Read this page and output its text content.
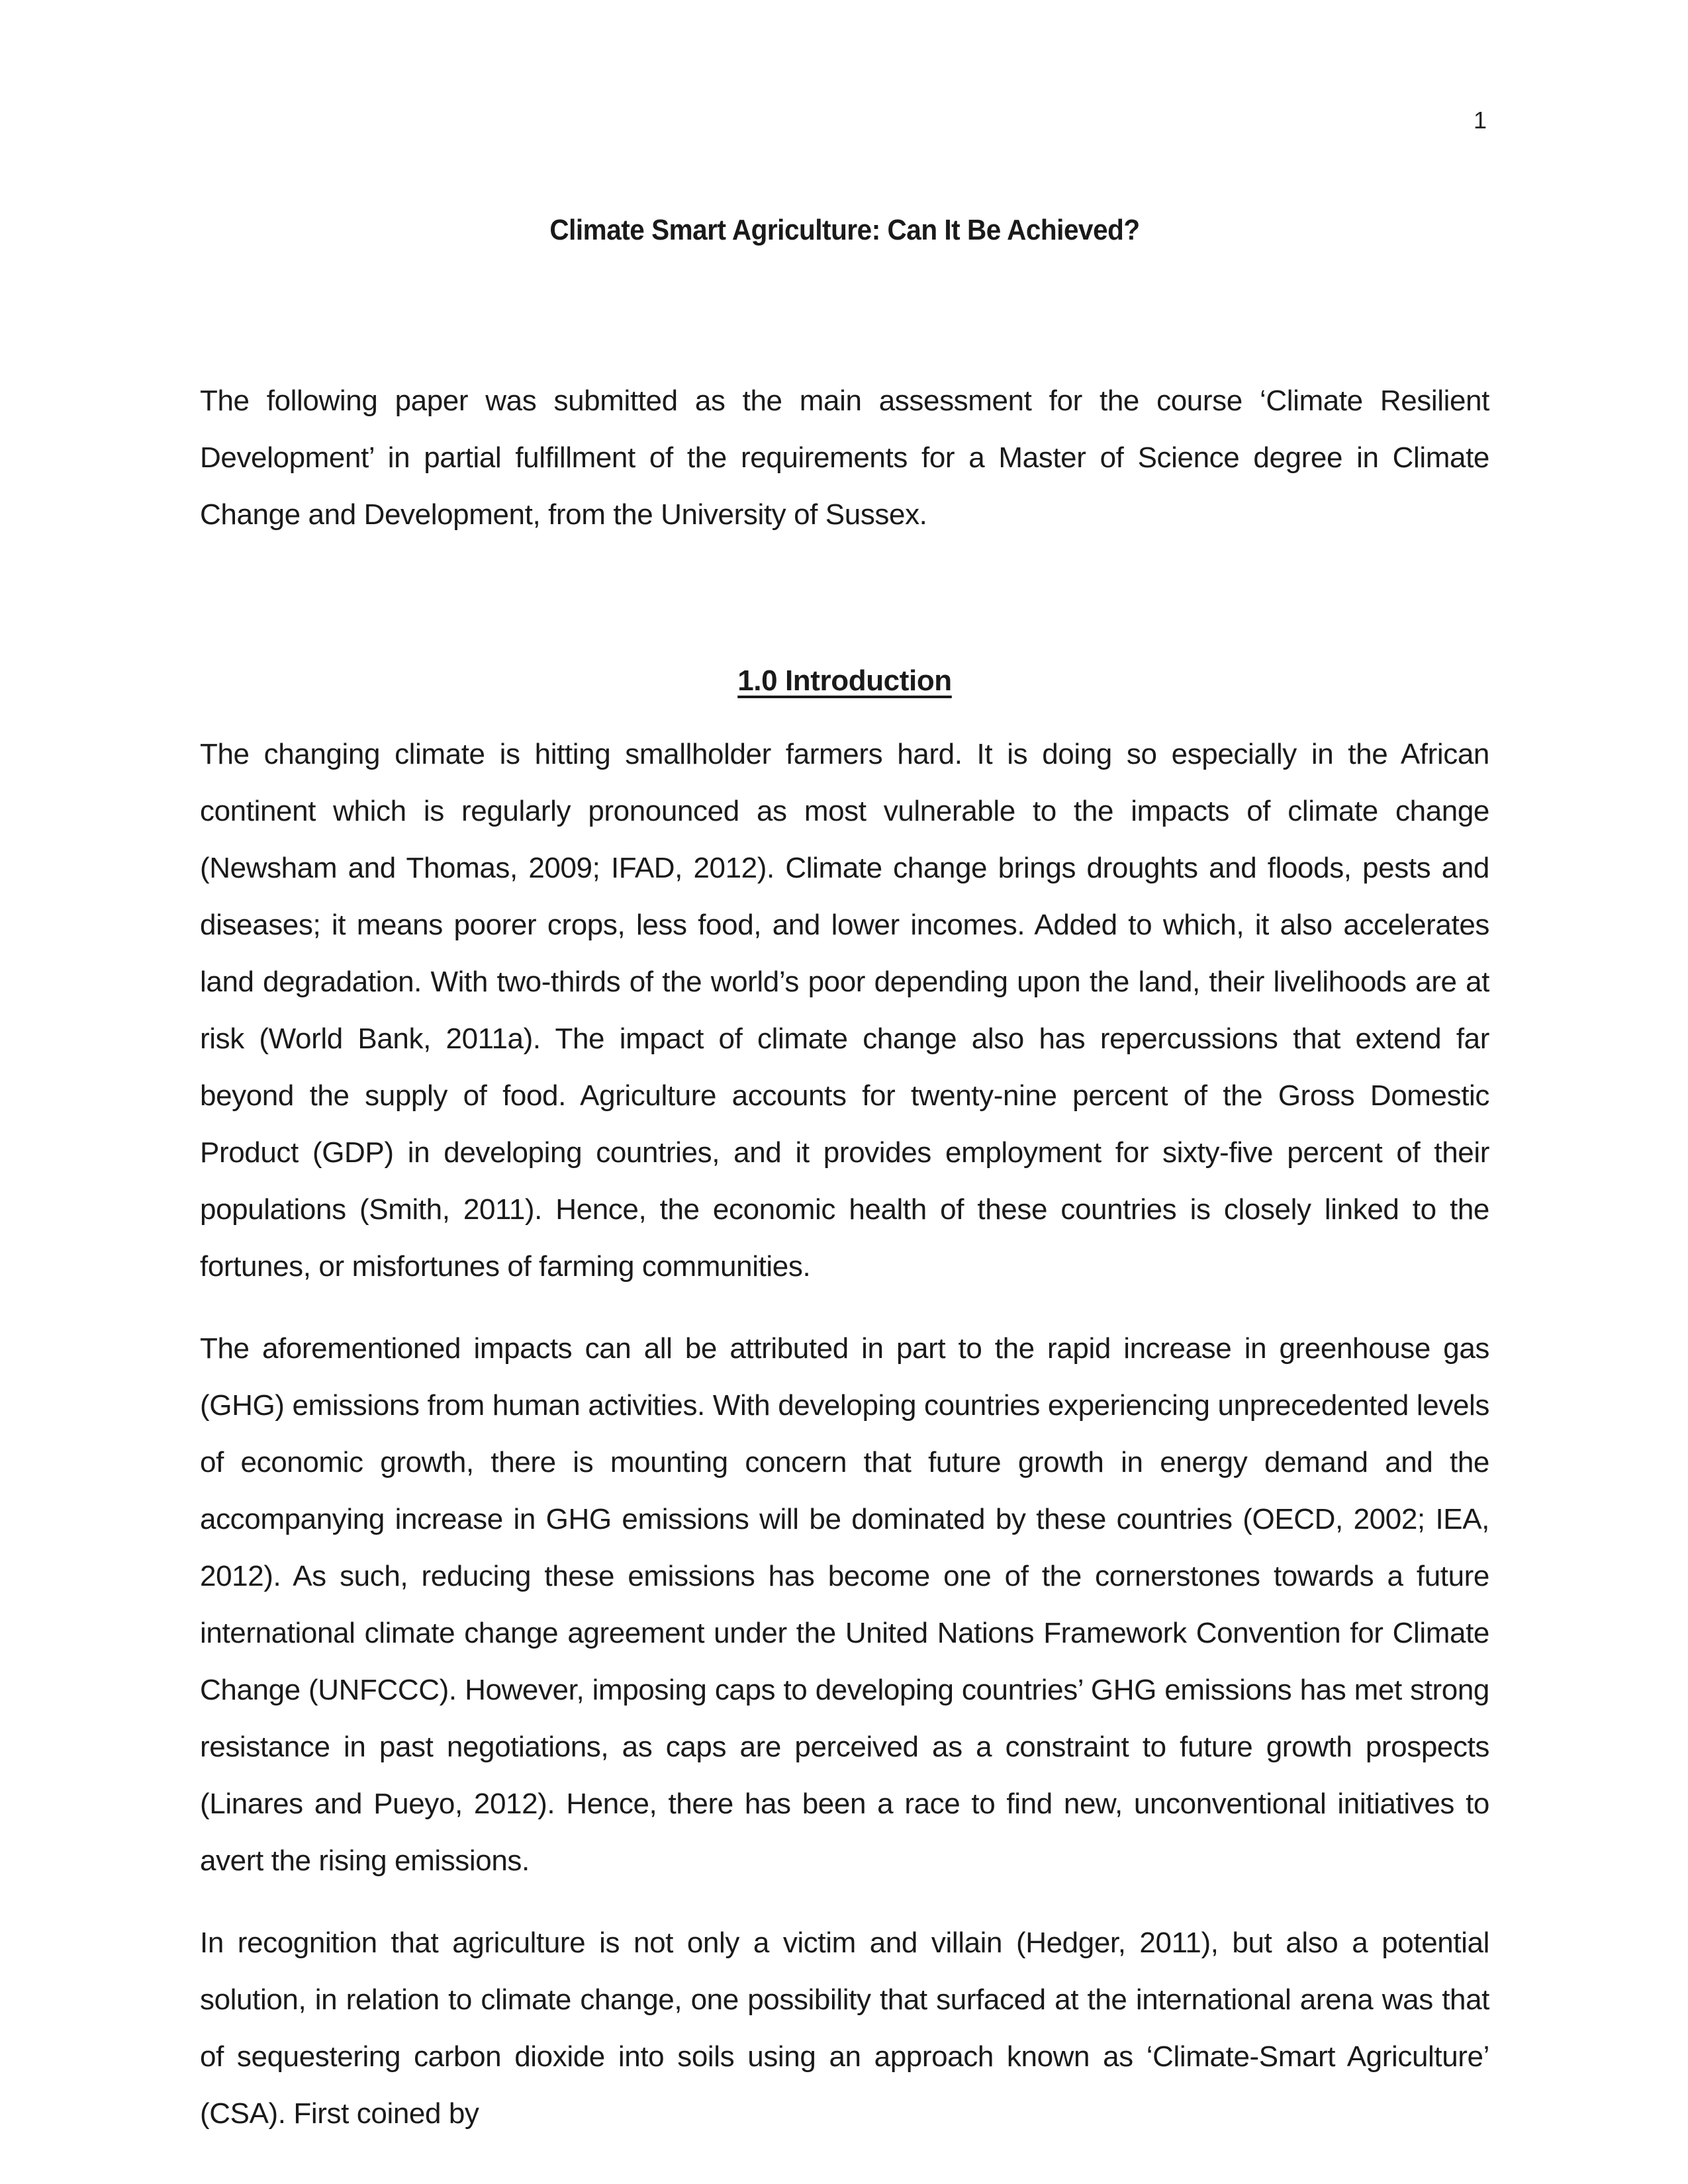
1
Climate Smart Agriculture: Can It Be Achieved?

The following paper was submitted as the main assessment for the course ‘Climate Resilient Development’ in partial fulfillment of the requirements for a Master of Science degree in Climate Change and Development, from the University of Sussex.

1.0 Introduction

The changing climate is hitting smallholder farmers hard. It is doing so especially in the African continent which is regularly pronounced as most vulnerable to the impacts of climate change (Newsham and Thomas, 2009; IFAD, 2012). Climate change brings droughts and floods, pests and diseases; it means poorer crops, less food, and lower incomes. Added to which, it also accelerates land degradation. With two-thirds of the world’s poor depending upon the land, their livelihoods are at risk (World Bank, 2011a). The impact of climate change also has repercussions that extend far beyond the supply of food. Agriculture accounts for twenty-nine percent of the Gross Domestic Product (GDP) in developing countries, and it provides employment for sixty-five percent of their populations (Smith, 2011). Hence, the economic health of these countries is closely linked to the fortunes, or misfortunes of farming communities.

The aforementioned impacts can all be attributed in part to the rapid increase in greenhouse gas (GHG) emissions from human activities. With developing countries experiencing unprecedented levels of economic growth, there is mounting concern that future growth in energy demand and the accompanying increase in GHG emissions will be dominated by these countries (OECD, 2002; IEA, 2012). As such, reducing these emissions has become one of the cornerstones towards a future international climate change agreement under the United Nations Framework Convention for Climate Change (UNFCCC). However, imposing caps to developing countries’ GHG emissions has met strong resistance in past negotiations, as caps are perceived as a constraint to future growth prospects (Linares and Pueyo, 2012). Hence, there has been a race to find new, unconventional initiatives to avert the rising emissions.

In recognition that agriculture is not only a victim and villain (Hedger, 2011), but also a potential solution, in relation to climate change, one possibility that surfaced at the international arena was that of sequestering carbon dioxide into soils using an approach known as ‘Climate-Smart Agriculture’ (CSA). First coined by
